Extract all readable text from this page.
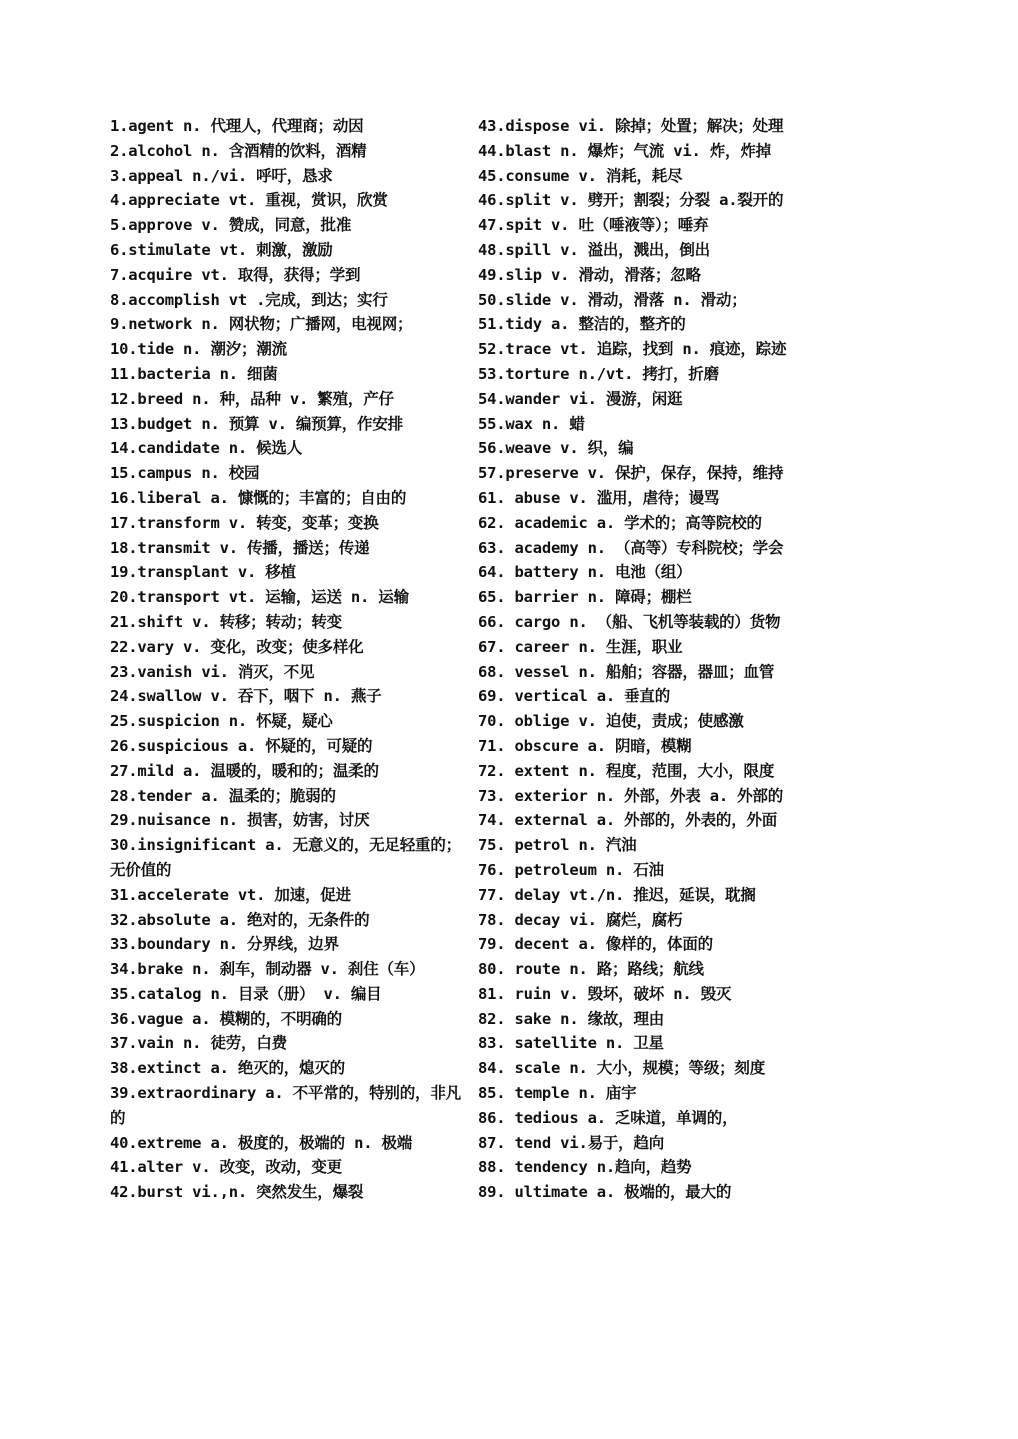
1.agent n. 代理人，代理商；动因
2.alcohol n. 含酒精的饮料，酒精
3.appeal n./vi. 呼吁，恳求
4.appreciate vt. 重视，赏识，欣赏
5.approve v. 赞成，同意，批准
6.stimulate vt. 刺激，激励
7.acquire vt. 取得，获得；学到
8.accomplish vt .完成，到达；实行
9.network n. 网状物；广播网，电视网；
10.tide n. 潮汐；潮流
11.bacteria n. 细菌
12.breed n. 种，品种 v. 繁殖，产仔
13.budget n. 预算 v. 编预算，作安排
14.candidate n. 候选人
15.campus n. 校园
16.liberal a. 慷慨的；丰富的；自由的
17.transform v. 转变，变革；变换
18.transmit v. 传播，播送；传递
19.transplant v. 移植
20.transport vt. 运输，运送 n. 运输
21.shift v. 转移；转动；转变
22.vary v. 变化，改变；使多样化
23.vanish vi. 消灭，不见
24.swallow v. 吞下，咽下 n. 燕子
25.suspicion n. 怀疑，疑心
26.suspicious a. 怀疑的，可疑的
27.mild a. 温暖的，暖和的；温柔的
28.tender a. 温柔的；脆弱的
29.nuisance n. 损害，妨害，讨厌
30.insignificant a. 无意义的，无足轻重的；无价值的
31.accelerate vt. 加速，促进
32.absolute a. 绝对的，无条件的
33.boundary n. 分界线，边界
34.brake n. 刹车，制动器 v. 刹住（车）
35.catalog n. 目录（册） v. 编目
36.vague a. 模糊的，不明确的
37.vain n. 徒劳，白费
38.extinct a. 绝灭的，熄灭的
39.extraordinary a. 不平常的，特别的，非凡的
40.extreme a. 极度的，极端的 n. 极端
41.alter v. 改变，改动，变更
42.burst vi.,n. 突然发生，爆裂
43.dispose vi. 除掉；处置；解决；处理
44.blast n. 爆炸；气流 vi. 炸，炸掉
45.consume v. 消耗，耗尽
46.split v. 劈开；割裂；分裂 a.裂开的
47.spit v. 吐（唾液等）；唾弃
48.spill v. 溢出，溅出，倒出
49.slip v. 滑动，滑落；忽略
50.slide v. 滑动，滑落 n. 滑动；
51.tidy a. 整洁的，整齐的
52.trace vt. 追踪，找到 n. 痕迹，踪迹
53.torture n./vt. 拷打，折磨
54.wander vi. 漫游，闲逛
55.wax n. 蜡
56.weave v. 织，编
57.preserve v. 保护，保存，保持，维持
61. abuse v. 滥用，虐待；谩骂
62. academic a. 学术的；高等院校的
63. academy n. （高等）专科院校；学会
64. battery n. 电池（组）
65. barrier n. 障碍；棚栏
66. cargo n. （船、飞机等装载的）货物
67. career n. 生涯，职业
68. vessel n. 船舶；容器，器皿；血管
69. vertical a. 垂直的
70. oblige v. 迫使，责成；使感激
71. obscure a. 阴暗，模糊
72. extent n. 程度，范围，大小，限度
73. exterior n. 外部，外表 a. 外部的
74. external a. 外部的，外表的，外面
75. petrol n. 汽油
76. petroleum n. 石油
77. delay vt./n. 推迟，延误，耽搁
78. decay vi. 腐烂，腐朽
79. decent a. 像样的，体面的
80. route n. 路；路线；航线
81. ruin v. 毁坏，破坏 n. 毁灭
82. sake n. 缘故，理由
83. satellite n. 卫星
84. scale n. 大小，规模；等级；刻度
85. temple n. 庙宇
86. tedious a. 乏味道，单调的，
87. tend vi.易于，趋向
88. tendency n.趋向，趋势
89. ultimate a. 极端的，最大的
